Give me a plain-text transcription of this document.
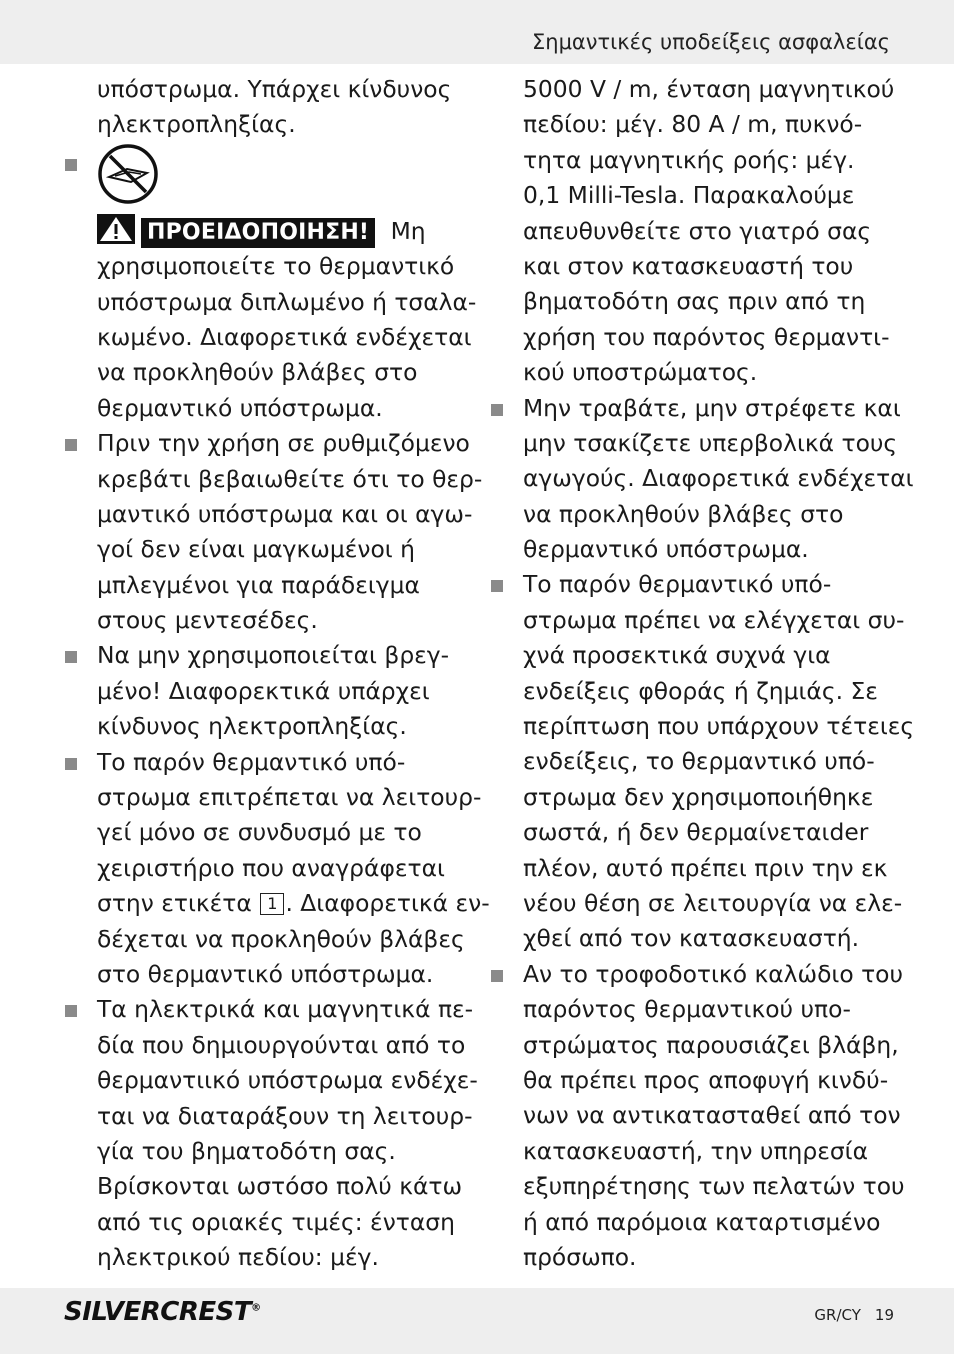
Σημαντικές υποδείξεις ασφαλείας
υπόστρωμα. Υπάρχει κίνδυνος
ηλεκτροπληξίας.
ΠΡΟΕΙΔΟΠΟΙΗΣΗ! Μη
χρησιμοποιείτε το θερμαντικό
υπόστρωμα διπλωμένο ή τσαλα-
κωμένο. Διαφορετικά ενδέχεται
να προκληθούν βλάβες στο
θερμαντικό υπόστρωμα.
Πριν την χρήση σε ρυθμιζόμενο
κρεβάτι βεβαιωθείτε ότι το θερ-
μαντικό υπόστρωμα και οι αγω-
γοί δεν είναι μαγκωμένοι ή
μπλεγμένοι για παράδειγμα
στους μεντεσέδες.
Να μην χρησιμοποιείται βρεγ-
μένο! Διαφορεκτικά υπάρχει
κίνδυνος ηλεκτροπληξίας.
Το παρόν θερμαντικό υπό-
στρωμα επιτρέπεται να λειτουρ-
γεί μόνο σε συνδυσμό με το
χειριστήριο που αναγράφεται
στην ετικέτα 1 . Διαφορετικά εν-
δέχεται να προκληθούν βλάβες
στο θερμαντικό υπόστρωμα.
Τα ηλεκτρικά και μαγνητικά πε-
δία που δημιουργούνται από το
θερμαντιικό υπόστρωμα ενδέχε-
ται να διαταράξουν τη λειτουρ-
γία του βηματοδότη σας.
Βρίσκονται ωστόσο πολύ κάτω
από τις οριακές τιμές: ένταση
ηλεκτρικού πεδίου: μέγ.
5000 V / m, ένταση μαγνητικού
πεδίου: μέγ. 80 A / m, πυκνό-
τητα μαγνητικής ροής: μέγ.
0,1 Milli-Tesla. Παρακαλούμε
απευθυνθείτε στο γιατρό σας
και στον κατασκευαστή του
βηματοδότη σας πριν από τη
χρήση του παρόντος θερμαντι-
κού υποστρώματος.
Μην τραβάτε, μην στρέφετε και
μην τσακίζετε υπερβολικά τους
αγωγούς. Διαφορετικά ενδέχεται
να προκληθούν βλάβες στο
θερμαντικό υπόστρωμα.
Το παρόν θερμαντικό υπό-
στρωμα πρέπει να ελέγχεται συ-
χνά προσεκτικά συχνά για
ενδείξεις φθοράς ή ζημιάς. Σε
περίπτωση που υπάρχουν τέτειες
ενδείξεις, το θερμαντικό υπό-
στρωμα δεν χρησιμοποιήθηκε
σωστά, ή δεν θερμαίνεταιder
πλέον, αυτό πρέπει πριν την εκ
νέου θέση σε λειτουργία να ελε-
χθεί από τον κατασκευαστή.
Αν το τροφοδοτικό καλώδιο του
παρόντος θερμαντικού υπο-
στρώματος παρουσιάζει βλάβη,
θα πρέπει προς αποφυγή κινδύ-
νων να αντικατασταθεί από τον
κατασκευαστή, την υπηρεσία
εξυπηρέτησης των πελατών του
ή από παρόμοια καταρτισμένο
πρόσωπο.
SILVERCREST®	GR/CY 19
